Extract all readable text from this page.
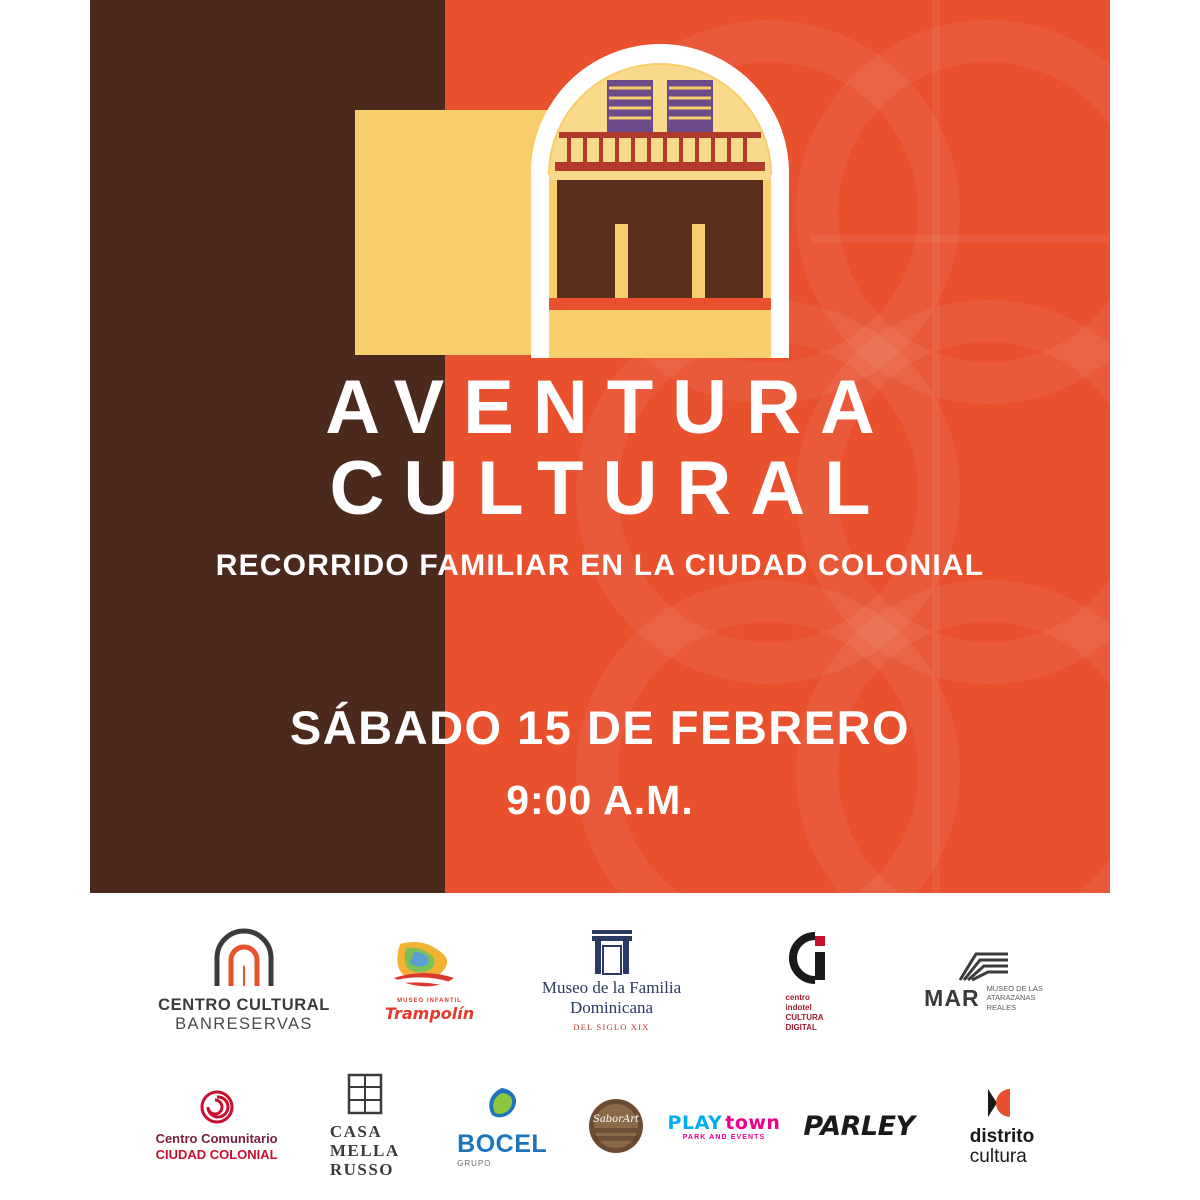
AVENTURA
CULTURAL
RECORRIDO FAMILIAR EN LA CIUDAD COLONIAL
SÁBADO 15 DE FEBRERO
9:00 A.M.
CENTRO CULTURAL
BANRESERVAS
MUSEO INFANTIL
Trampolín
Museo de la Familia
Dominicana
DEL SIGLO XIX
centro
indotel
CULTURA
DIGITAL
MAR MUSEO DE LAS
ATARAZANAS
REALES
Centro Comunitario
CIUDAD COLONIAL
CASA
MELLA
RUSSO
BOCEL
GRUPO
SaborArt PLAY town
PARK AND EVENTS PARLEY	distrito
cultura
